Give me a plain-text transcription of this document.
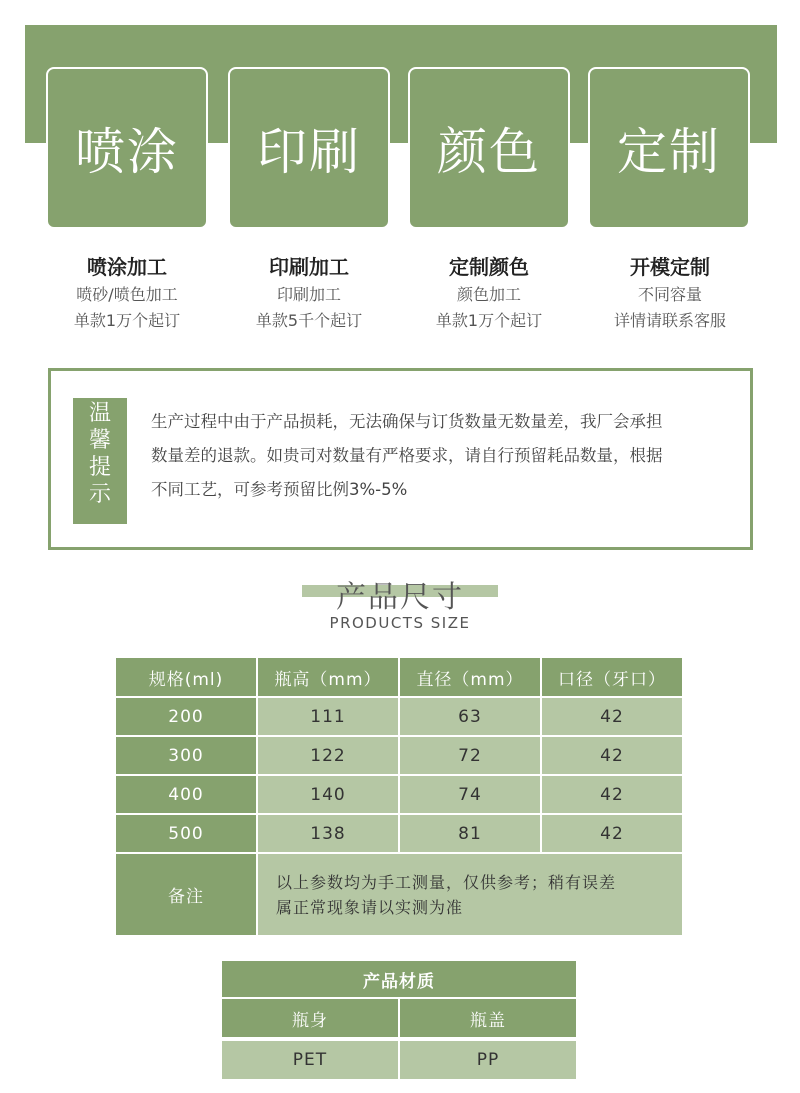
喷涂 印刷 颜色 定制
喷涂加工
喷砂/喷色加工
单款1万个起订
印刷加工
印刷加工
单款5千个起订
定制颜色
颜色加工
单款1万个起订
开模定制
不同容量
详情请联系客服
温
馨
提
示
生产过程中由于产品损耗，无法确保与订货数量无数量差，我厂会承担
数量差的退款。如贵司对数量有严格要求，请自行预留耗品数量，根据
不同工艺，可参考预留比例3%-5%
产品尺寸
PRODUCTS SIZE
规格(ml)	瓶高（mm）	直径（mm）	口径（牙口）
200	111	63	42
300	122	72	42
400	140	74	42
500	138	81	42
备注
以上参数均为手工测量，仅供参考；稍有误差
属正常现象请以实测为准
产品材质
瓶身	瓶盖
PET	PP
